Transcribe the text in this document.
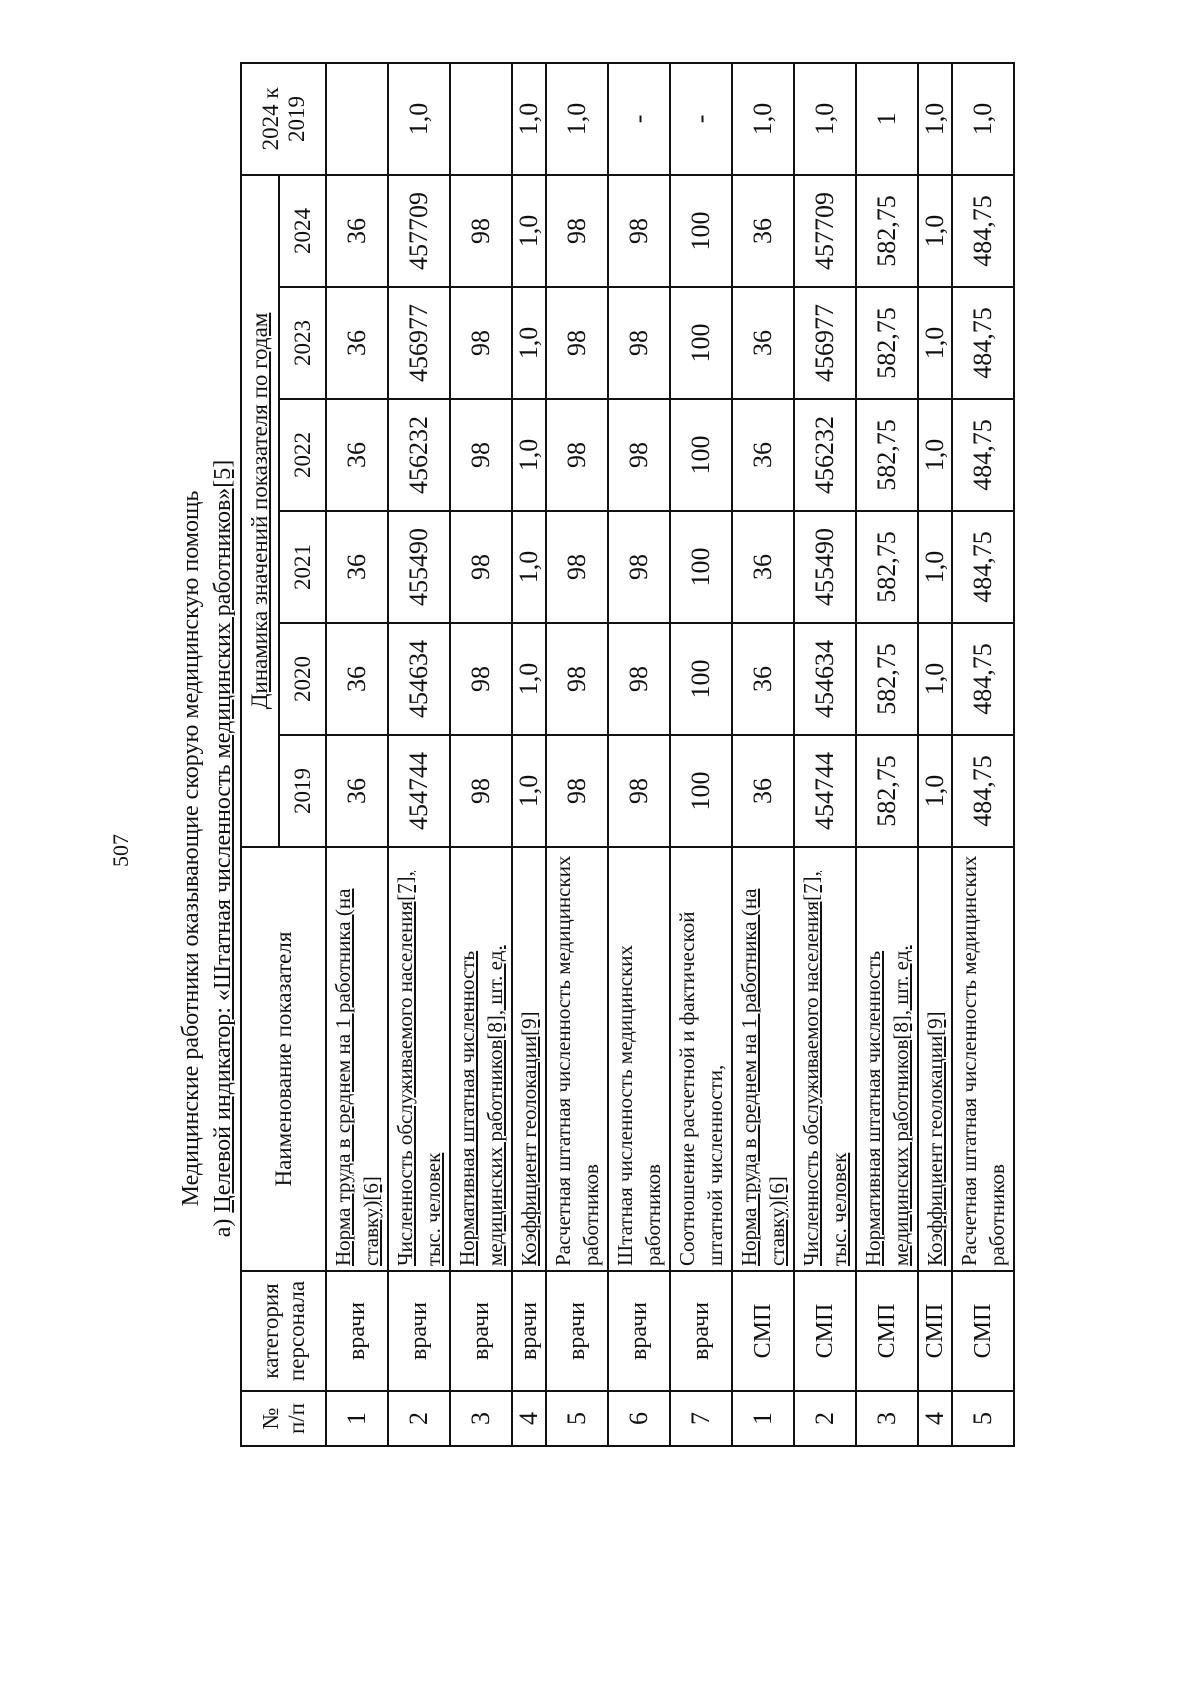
507 Медицинские работники оказывающие скорую медицинскую помощь
а) Целевой индикатор: «Штатная численность медицинских работников»[5]
№ п/п	категория персонала	Наименование показателя	Динамика значений показателя по годам						2024 к 2019
			2019	2020	2021	2022	2023	2024	
1	врачи	Норма труда в среднем на 1 работника (на ставку)[6]	36	36	36	36	36	36	
2	врачи	Численность обслуживаемого населения[7], тыс. человек	454744	454634	455490	456232	456977	457709	1,0
3	врачи	Нормативная штатная численность медицинских работников[8], шт. ед.	98	98	98	98	98	98	
4	врачи	Коэффициент геолокации[9]	1,0	1,0	1,0	1,0	1,0	1,0	1,0
5	врачи	Расчетная штатная численность медицинских работников	98	98	98	98	98	98	1,0
6	врачи	Штатная численность медицинских работников	98	98	98	98	98	98	-
7	врачи	Соотношение расчетной и фактической штатной численности,	100	100	100	100	100	100	-
1	СМП	Норма труда в среднем на 1 работника (на ставку)[6]	36	36	36	36	36	36	1,0
2	СМП	Численность обслуживаемого населения[7], тыс. человек	454744	454634	455490	456232	456977	457709	1,0
3	СМП	Нормативная штатная численность медицинских работников[8], шт. ед.	582,75	582,75	582,75	582,75	582,75	582,75	1
4	СМП	Коэффициент геолокации[9]	1,0	1,0	1,0	1,0	1,0	1,0	1,0
5	СМП	Расчетная штатная численность медицинских работников	484,75	484,75	484,75	484,75	484,75	484,75	1,0
